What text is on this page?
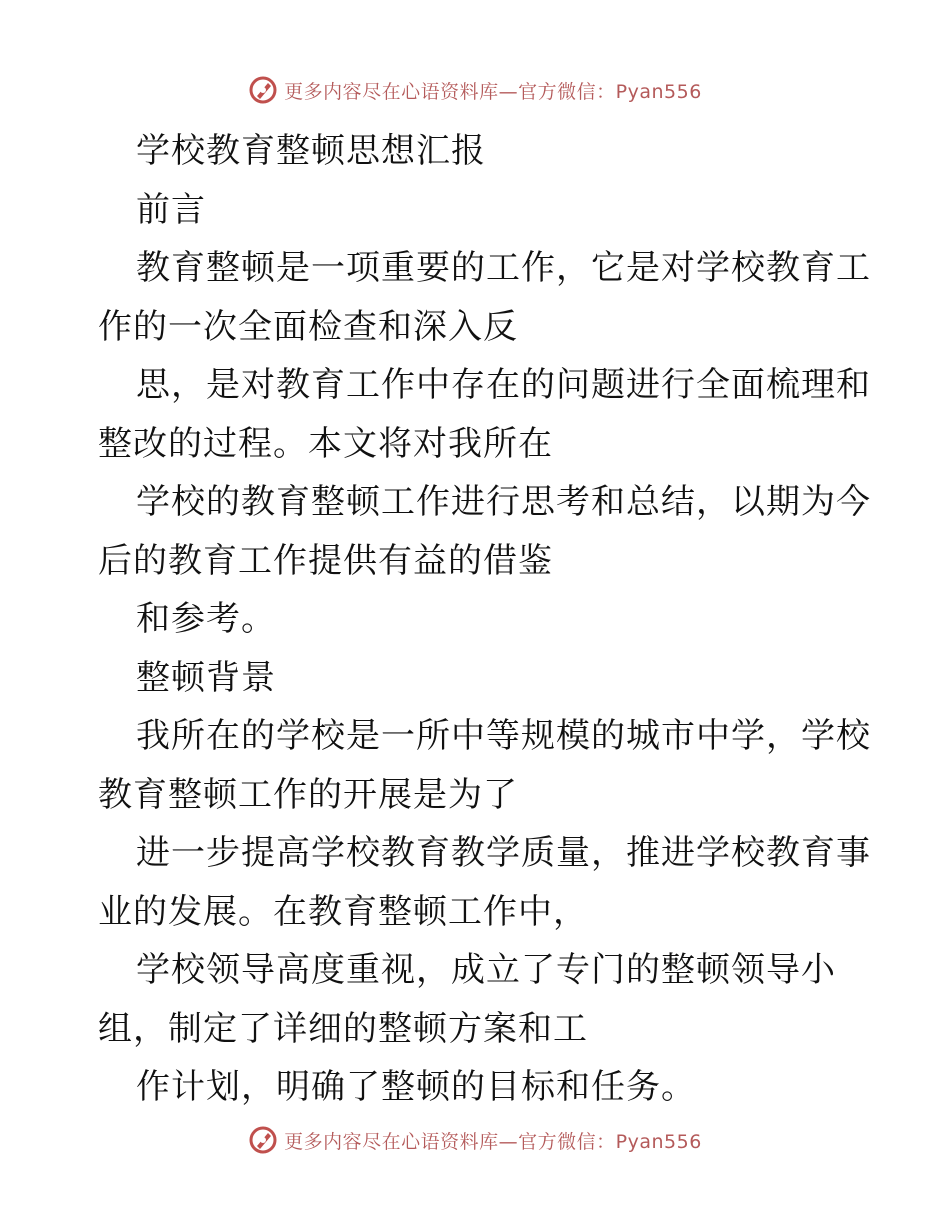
更多内容尽在心语资料库—官方微信：Pyan556
学校教育整顿思想汇报
前言
教育整顿是一项重要的工作，它是对学校教育工
作的一次全面检查和深入反
思，是对教育工作中存在的问题进行全面梳理和
整改的过程。本文将对我所在
学校的教育整顿工作进行思考和总结，以期为今
后的教育工作提供有益的借鉴
和参考。
整顿背景
我所在的学校是一所中等规模的城市中学，学校
教育整顿工作的开展是为了
进一步提高学校教育教学质量，推进学校教育事
业的发展。在教育整顿工作中，
学校领导高度重视，成立了专门的整顿领导小
组，制定了详细的整顿方案和工
作计划，明确了整顿的目标和任务。
更多内容尽在心语资料库—官方微信：Pyan556
